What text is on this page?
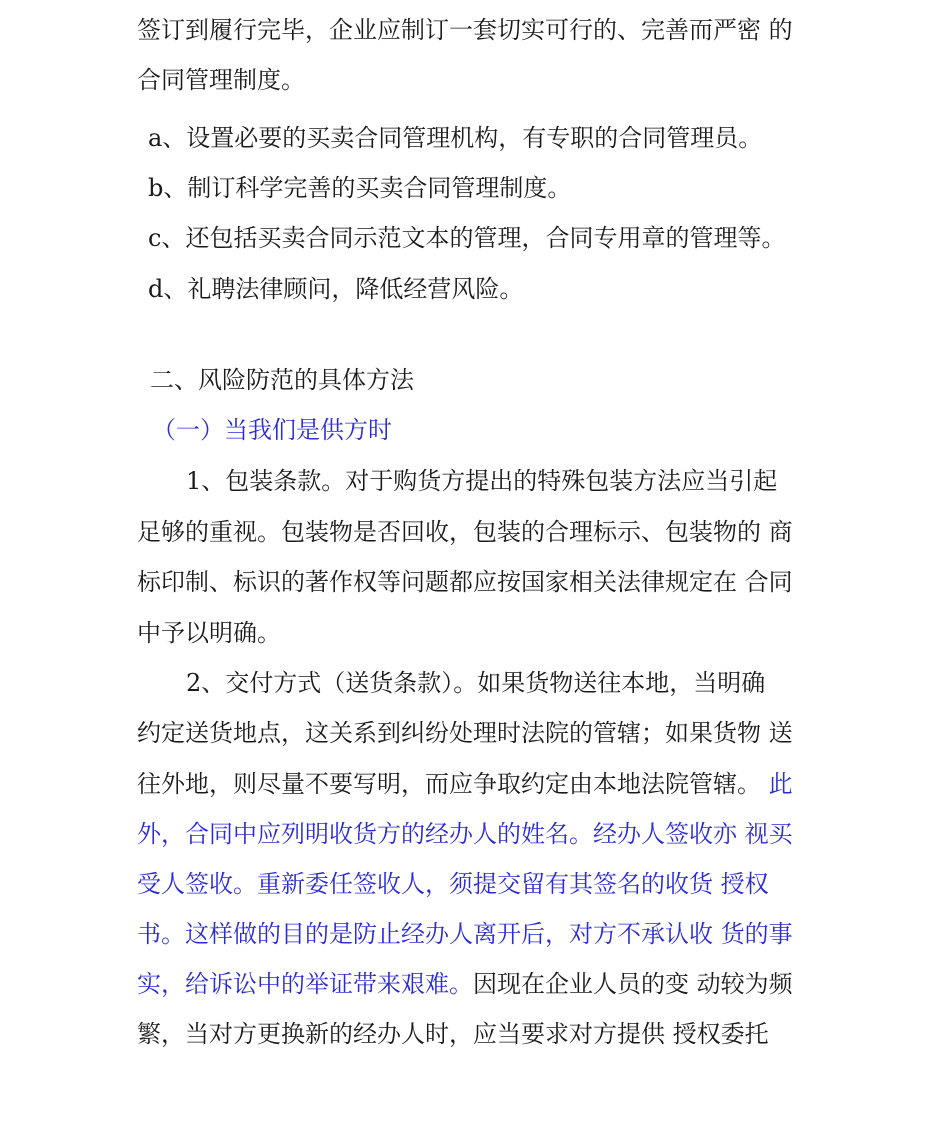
签订到履行完毕，企业应制订一套切实可行的、完善而严密 的
合同管理制度。
a、设置必要的买卖合同管理机构，有专职的合同管理员。
b、制订科学完善的买卖合同管理制度。
c、还包括买卖合同示范文本的管理，合同专用章的管理等。
d、礼聘法律顾问，降低经营风险。
二、风险防范的具体方法
（一）当我们是供方时
1、包装条款。对于购货方提出的特殊包装方法应当引起
足够的重视。包装物是否回收，包装的合理标示、包装物的 商
标印制、标识的著作权等问题都应按国家相关法律规定在 合同
中予以明确。
2、交付方式（送货条款）。如果货物送往本地，当明确
约定送货地点，这关系到纠纷处理时法院的管辖；如果货物 送
往外地，则尽量不要写明，而应争取约定由本地法院管辖。 此
外，合同中应列明收货方的经办人的姓名。经办人签收亦 视买
受人签收。重新委任签收人，须提交留有其签名的收货 授权
书。这样做的目的是防止经办人离开后，对方不承认收 货的事
实，给诉讼中的举证带来艰难。因现在企业人员的变 动较为频
繁，当对方更换新的经办人时，应当要求对方提供 授权委托
